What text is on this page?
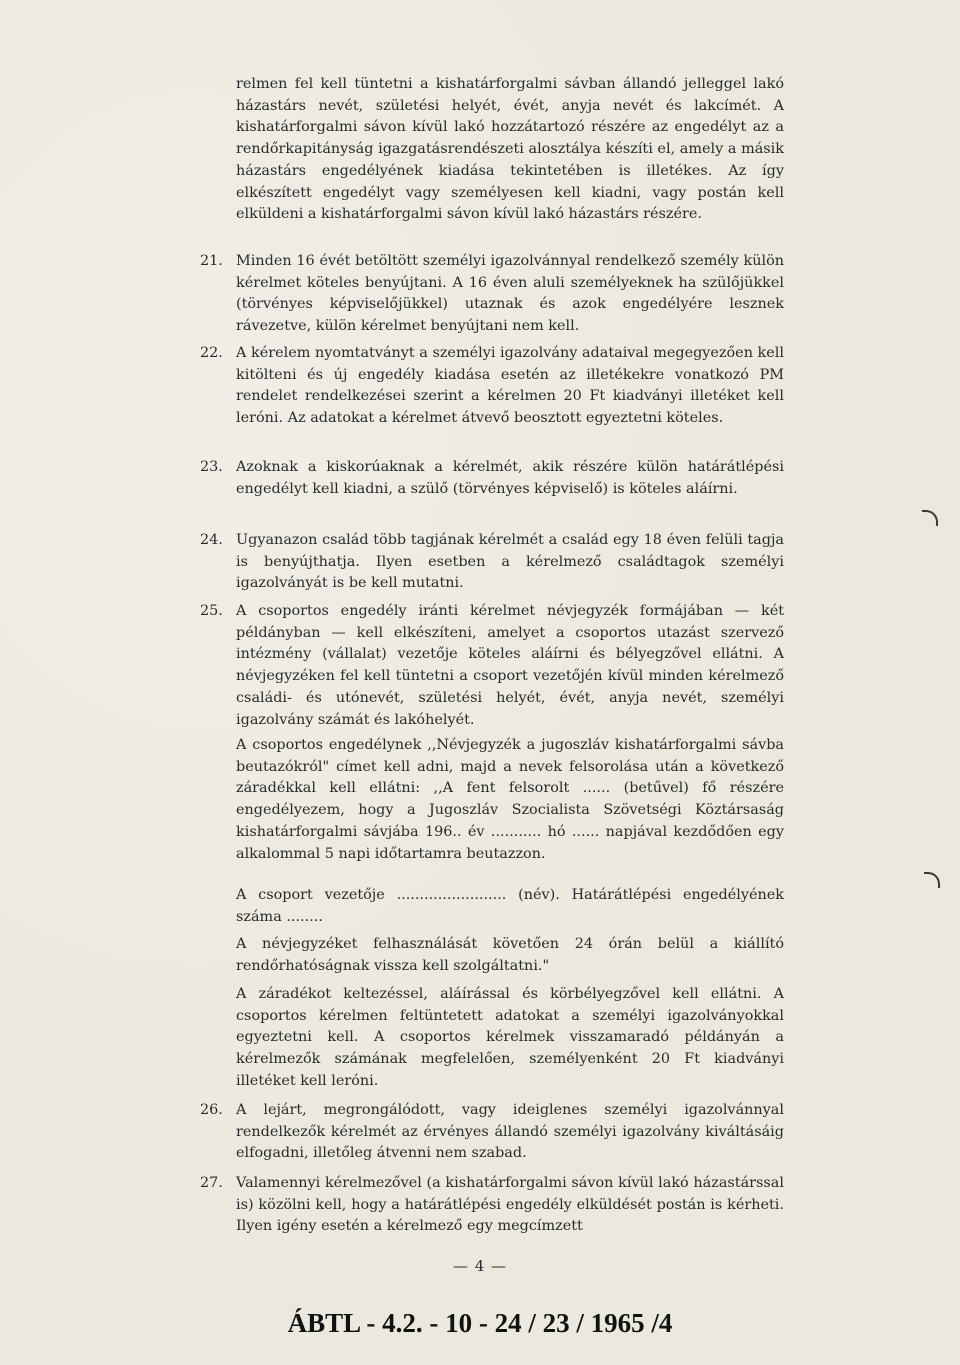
relmen fel kell tüntetni a kishatárforgalmi sávban állandó jelleggel lakó házastárs nevét, születési helyét, évét, anyja nevét és lakcímét. A kishatárforgalmi sávon kívül lakó hozzátartozó részére az engedélyt az a rendőrkapitányság igazgatásrendészeti alosztálya készíti el, amely a másik házastárs engedélyének kiadása tekintetében is illetékes. Az így elkészített engedélyt vagy személyesen kell kiadni, vagy postán kell elküldeni a kishatárforgalmi sávon kívül lakó házastárs részére.

21. Minden 16 évét betöltött személyi igazolvánnyal rendelkező személy külön kérelmet köteles benyújtani. A 16 éven aluli személyeknek ha szülőjükkel (törvényes képviselőjükkel) utaznak és azok engedélyére lesznek rávezetve, külön kérelmet benyújtani nem kell.

22. A kérelem nyomtatványt a személyi igazolvány adataival megegyezően kell kitölteni és új engedély kiadása esetén az illetékekre vonatkozó PM rendelet rendelkezései szerint a kérelmen 20 Ft kiadványi illetéket kell leróni. Az adatokat a kérelmet átvevő beosztott egyeztetni köteles.

23. Azoknak a kiskorúaknak a kérelmét, akik részére külön határátlépési engedélyt kell kiadni, a szülő (törvényes képviselő) is köteles aláírni.

24. Ugyanazon család több tagjának kérelmét a család egy 18 éven felüli tagja is benyújthatja. Ilyen esetben a kérelmező családtagok személyi igazolványát is be kell mutatni.

25. A csoportos engedély iránti kérelmet névjegyzék formájában — két példányban — kell elkészíteni, amelyet a csoportos utazást szervező intézmény (vállalat) vezetője köteles aláírni és bélyegzővel ellátni. A névjegyzéken fel kell tüntetni a csoport vezetőjén kívül minden kérelmező családi- és utónevét, születési helyét, évét, anyja nevét, személyi igazolvány számát és lakóhelyét.

A csoportos engedélynek ,,Névjegyzék a jugoszláv kishatárforgalmi sávba beutazókról" címet kell adni, majd a nevek felsorolása után a következő záradékkal kell ellátni: ,,A fent felsorolt ...... (betűvel) fő részére engedélyezem, hogy a Jugoszláv Szocialista Szövetségi Köztársaság kishatárforgalmi sávjába 196.. év ........... hó ...... napjával kezdődően egy alkalommal 5 napi időtartamra beutazzon.

A csoport vezetője ........................ (név). Határátlépési engedélyének száma ........

A névjegyzéket felhasználását követően 24 órán belül a kiállító rendőrhatóságnak vissza kell szolgáltatni."

A záradékot keltezéssel, aláírással és körbélyegzővel kell ellátni. A csoportos kérelmen feltüntetett adatokat a személyi igazolványokkal egyeztetni kell. A csoportos kérelmek visszamaradó példányán a kérelmezők számának megfelelően, személyenként 20 Ft kiadványi illetéket kell leróni.

26. A lejárt, megrongálódott, vagy ideiglenes személyi igazolvánnyal rendelkezők kérelmét az érvényes állandó személyi igazolvány kiváltásáig elfogadni, illetőleg átvenni nem szabad.

27. Valamennyi kérelmezővel (a kishatárforgalmi sávon kívül lakó házastárssal is) közölni kell, hogy a határátlépési engedély elküldését postán is kérheti. Ilyen igény esetén a kérelmező egy megcímzett

— 4 —
ÁBTL - 4.2. - 10 - 24 / 23 / 1965 /4
